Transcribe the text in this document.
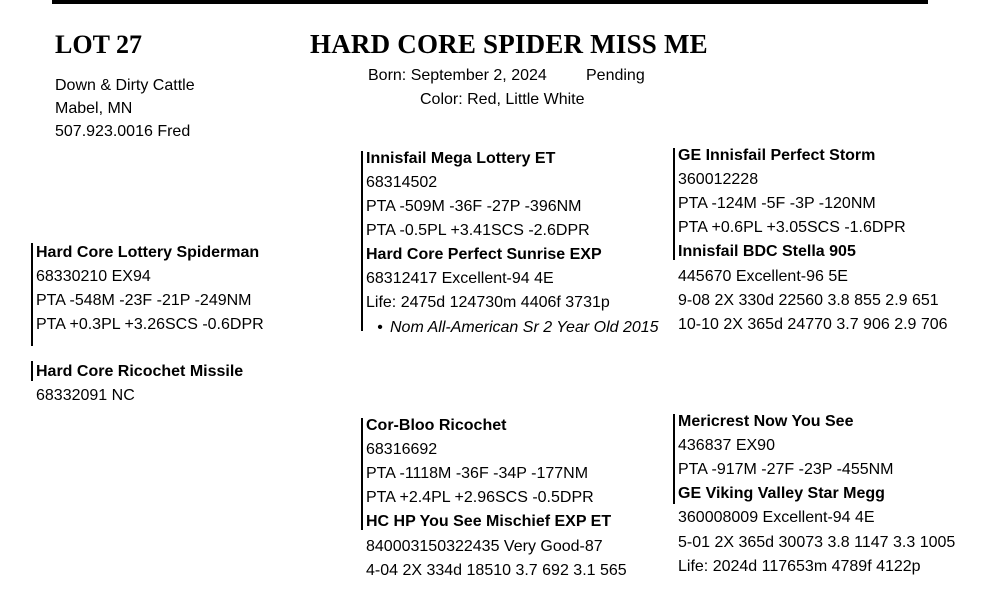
LOT 27	HARD CORE SPIDER MISS ME
Born: September 2, 2024 Pending
Color: Red, Little White
Down & Dirty Cattle
Mabel, MN
507.923.0016 Fred
Hard Core Lottery Spiderman
68330210 EX94
PTA -548M -23F -21P -249NM
PTA +0.3PL +3.26SCS -0.6DPR
Hard Core Ricochet Missile
68332091 NC
Innisfail Mega Lottery ET
68314502
PTA -509M -36F -27P -396NM
PTA -0.5PL +3.41SCS -2.6DPR
Hard Core Perfect Sunrise EXP
68312417 Excellent-94 4E
Life: 2475d 124730m 4406f 3731p
• Nom All-American Sr 2 Year Old 2015
GE Innisfail Perfect Storm
360012228
PTA -124M -5F -3P -120NM
PTA +0.6PL +3.05SCS -1.6DPR
Innisfail BDC Stella 905
445670 Excellent-96 5E
9-08 2X 330d 22560 3.8 855 2.9 651
10-10 2X 365d 24770 3.7 906 2.9 706
Cor-Bloo Ricochet
68316692
PTA -1118M -36F -34P -177NM
PTA +2.4PL +2.96SCS -0.5DPR
HC HP You See Mischief EXP ET
840003150322435 Very Good-87
4-04 2X 334d 18510 3.7 692 3.1 565
Mericrest Now You See
436837 EX90
PTA -917M -27F -23P -455NM
GE Viking Valley Star Megg
360008009 Excellent-94 4E
5-01 2X 365d 30073 3.8 1147 3.3 1005
Life: 2024d 117653m 4789f 4122p
